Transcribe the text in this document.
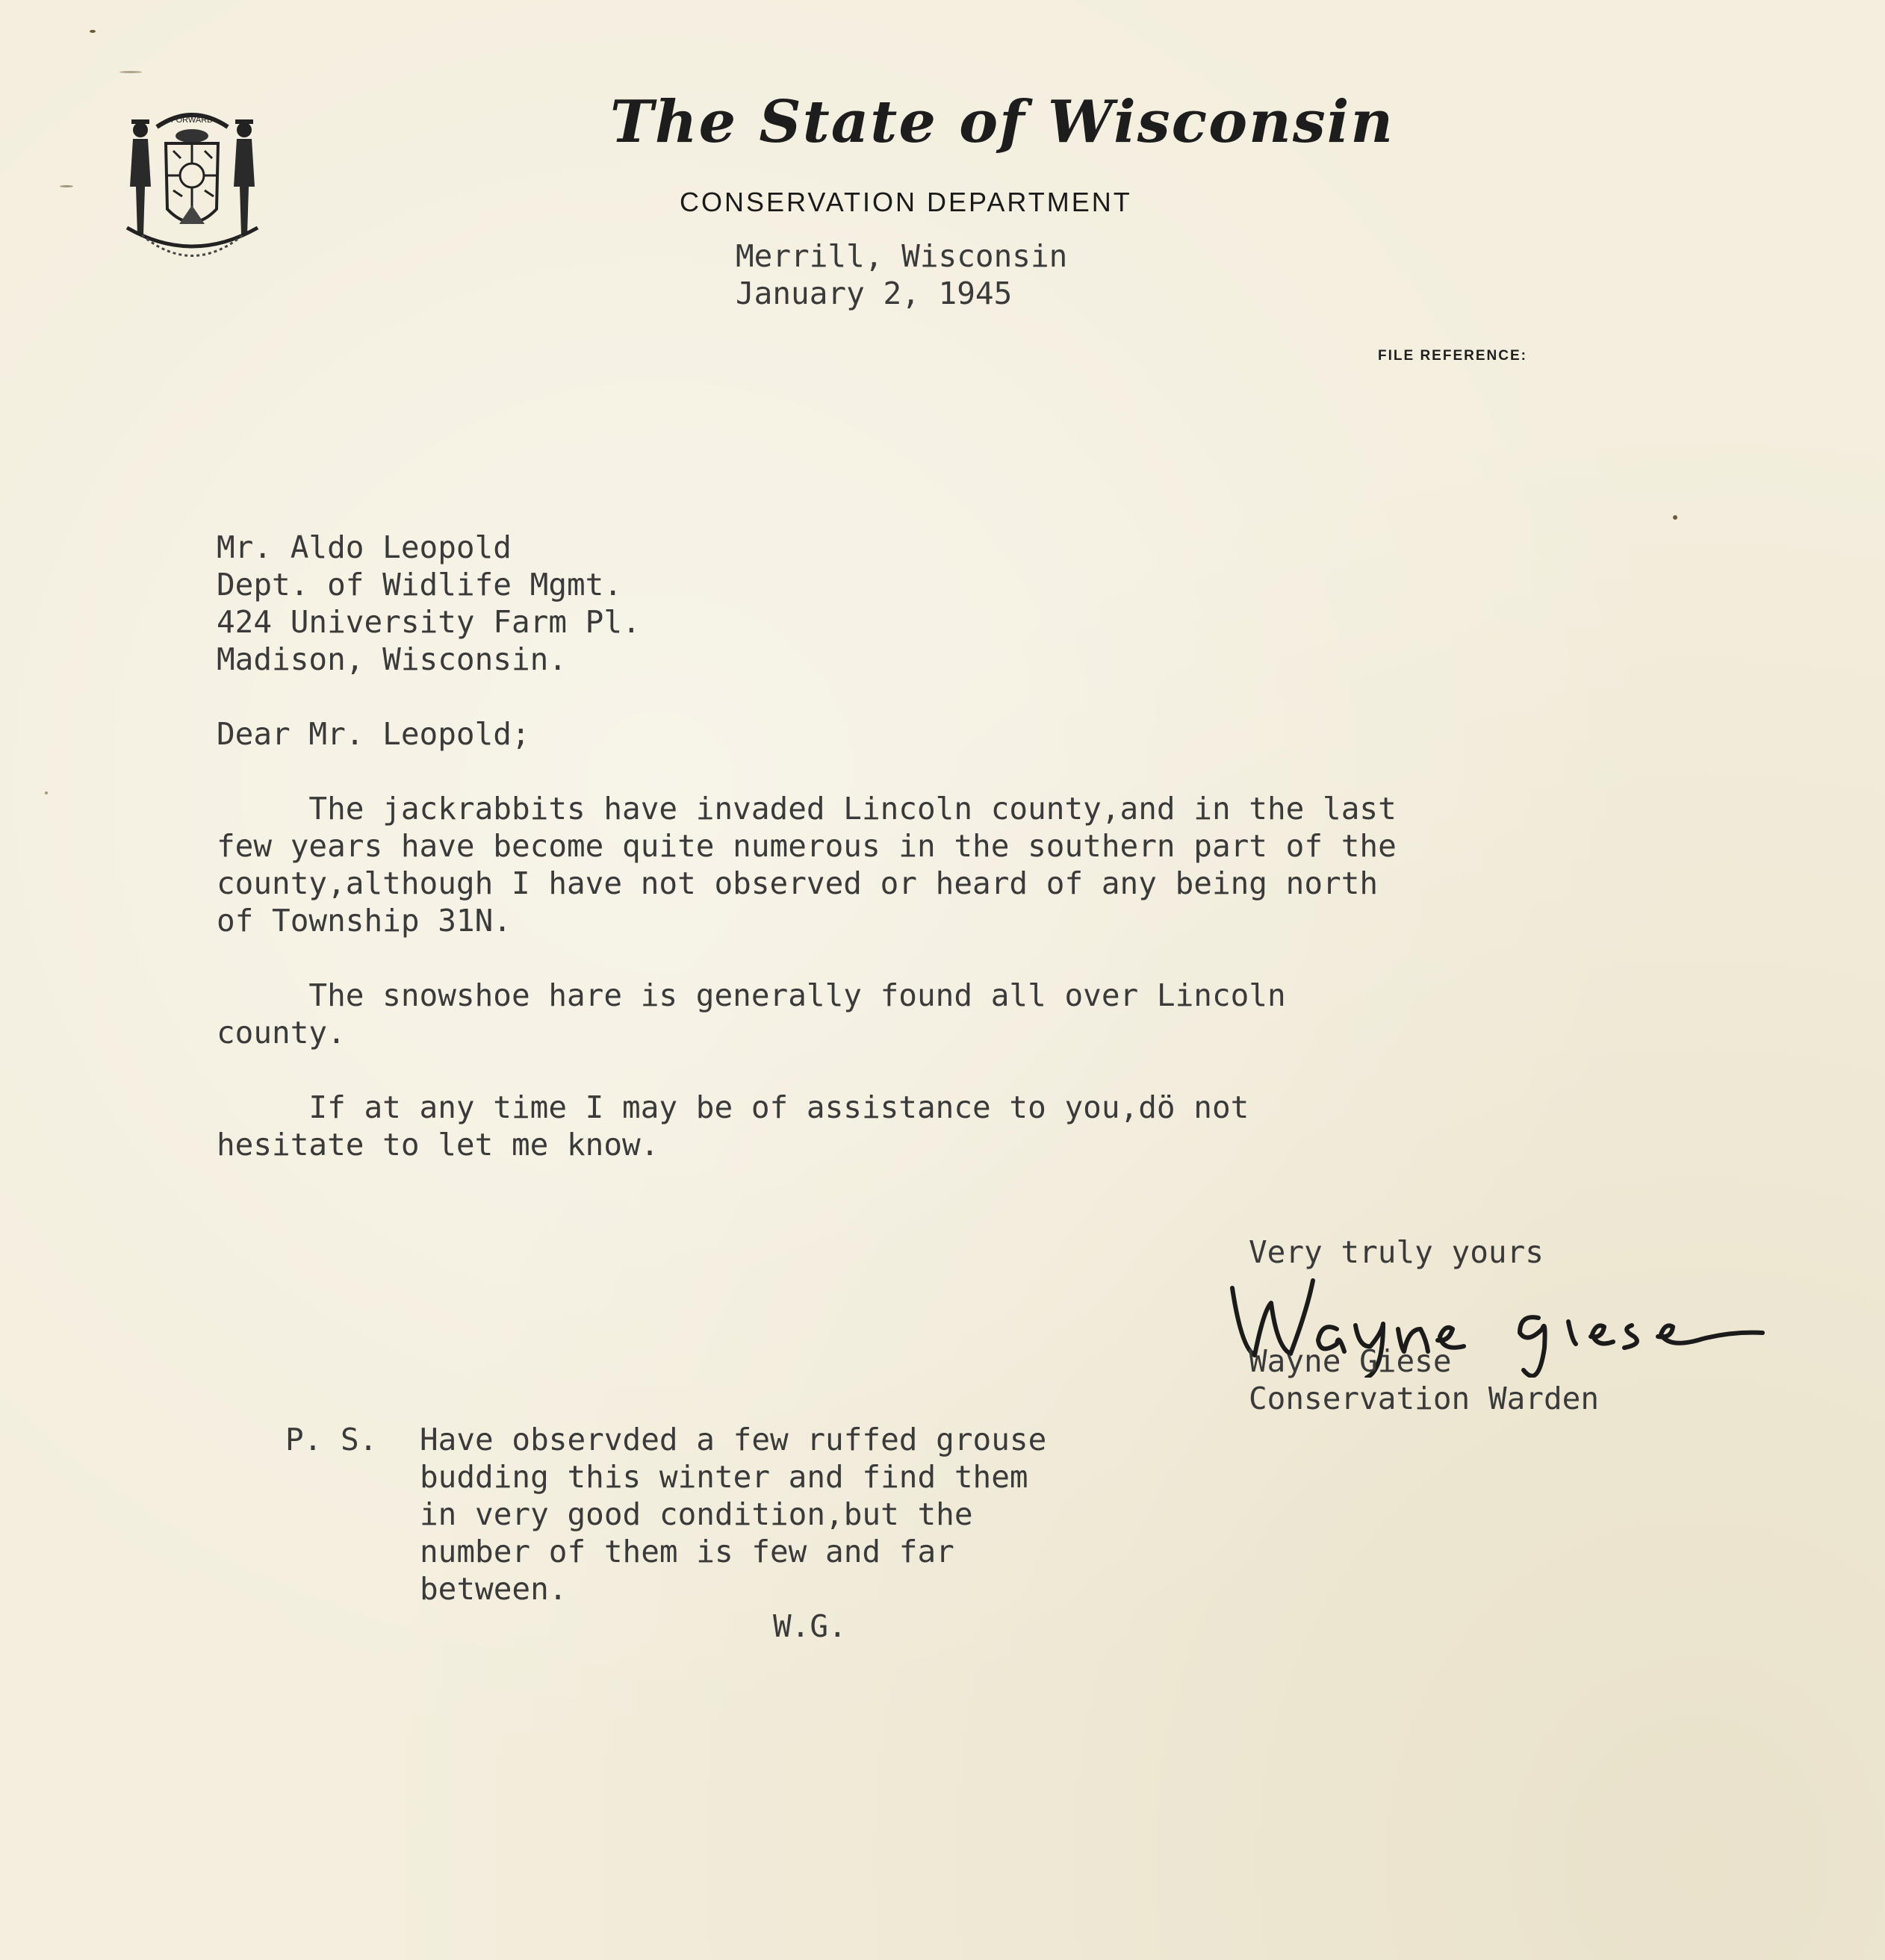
FORWARD	The State of Wisconsin
CONSERVATION DEPARTMENT
Merrill, Wisconsin
January 2, 1945
FILE REFERENCE:
Mr. Aldo Leopold
Dept. of Widlife Mgmt.
424 University Farm Pl.
Madison, Wisconsin.
Dear Mr. Leopold;
The jackrabbits have invaded Lincoln county,and in the last
few years have become quite numerous in the southern part of the
county,although I have not observed or heard of any being north
of Township 31N.
The snowshoe hare is generally found all over Lincoln
county.
If at any time I may be of assistance to you,dö not
hesitate to let me know.
Very truly yours
Wayne Giese
Conservation Warden
P. S. Have observded a few ruffed grouse
budding this winter and find them
in very good condition,but the
number of them is few and far
between.
W.G.
